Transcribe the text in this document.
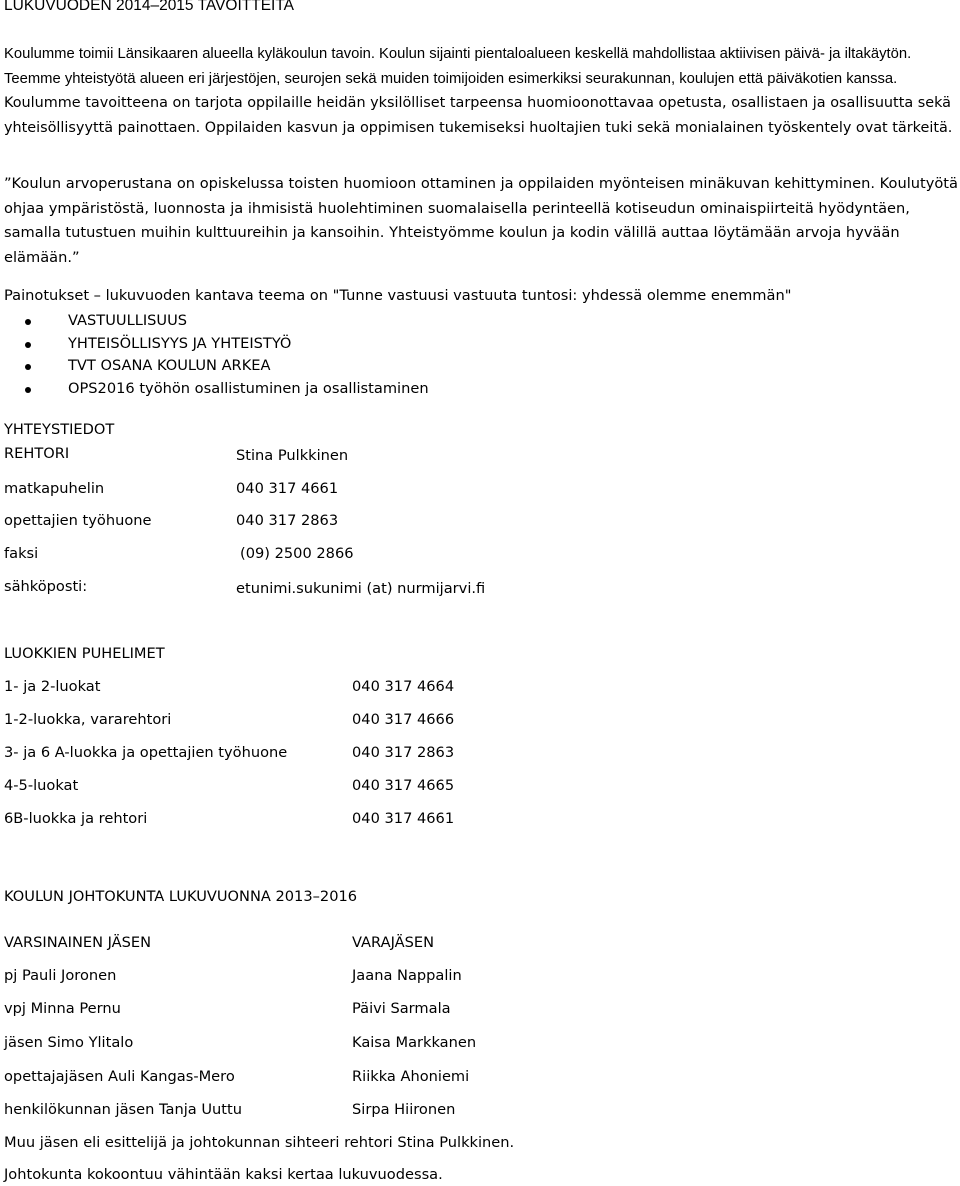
LUKUVUODEN 2014–2015 TAVOITTEITA
Koulumme toimii Länsikaaren alueella kyläkoulun tavoin. Koulun sijainti pientaloalueen keskellä mahdollistaa aktiivisen päivä- ja iltakäytön. Teemme yhteistyötä alueen eri järjestöjen, seurojen sekä muiden toimijoiden esimerkiksi seurakunnan, koulujen että päiväkotien kanssa. Koulumme tavoitteena on tarjota oppilaille heidän yksilölliset tarpeensa huomioonottavaa opetusta, osallistaen ja osallisuutta sekä yhteisöllisyyttä painottaen. Oppilaiden kasvun ja oppimisen tukemiseksi huoltajien tuki sekä monialainen työskentely ovat tärkeitä.
”Koulun arvoperustana on opiskelussa toisten huomioon ottaminen ja oppilaiden myönteisen minäkuvan kehittyminen. Koulutyötä ohjaa ympäristöstä, luonnosta ja ihmisistä huolehtiminen suomalaisella perinteellä kotiseudun ominaispiirteitä hyödyntäen, samalla tutustuen muihin kulttuureihin ja kansoihin. Yhteistyömme koulun ja kodin välillä auttaa löytämään arvoja hyvään elämään.”
Painotukset – lukuvuoden kantava teema on "Tunne vastuusi vastuuta tuntosi: yhdessä olemme enemmän"
VASTUULLISUUS
YHTEISÖLLISYYS JA YHTEISTYÖ
TVT OSANA KOULUN ARKEA
OPS2016 työhön osallistuminen ja osallistaminen
YHTEYSTIEDOT
REHTORI	Stina Pulkkinen
matkapuhelin	040 317 4661
opettajien työhuone	040 317 2863
faksi	(09) 2500 2866
sähköposti:	etunimi.sukunimi (at) nurmijarvi.fi
LUOKKIEN PUHELIMET
1- ja 2-luokat	040 317 4664
1-2-luokka, vararehtori	040 317 4666
3- ja 6 A-luokka ja opettajien työhuone	040 317 2863
4-5-luokat	040 317 4665
6B-luokka ja rehtori	040 317 4661
KOULUN JOHTOKUNTA LUKUVUONNA 2013–2016
VARSINAINEN JÄSEN	VARAJÄSEN
pj Pauli Joronen	Jaana Nappalin
vpj Minna Pernu	Päivi Sarmala
jäsen Simo Ylitalo	Kaisa Markkanen
opettajajäsen Auli Kangas-Mero	Riikka Ahoniemi
henkilökunnan jäsen Tanja Uuttu	Sirpa Hiironen
Muu jäsen eli esittelijä ja johtokunnan sihteeri rehtori Stina Pulkkinen.
Johtokunta kokoontuu vähintään kaksi kertaa lukuvuodessa.
